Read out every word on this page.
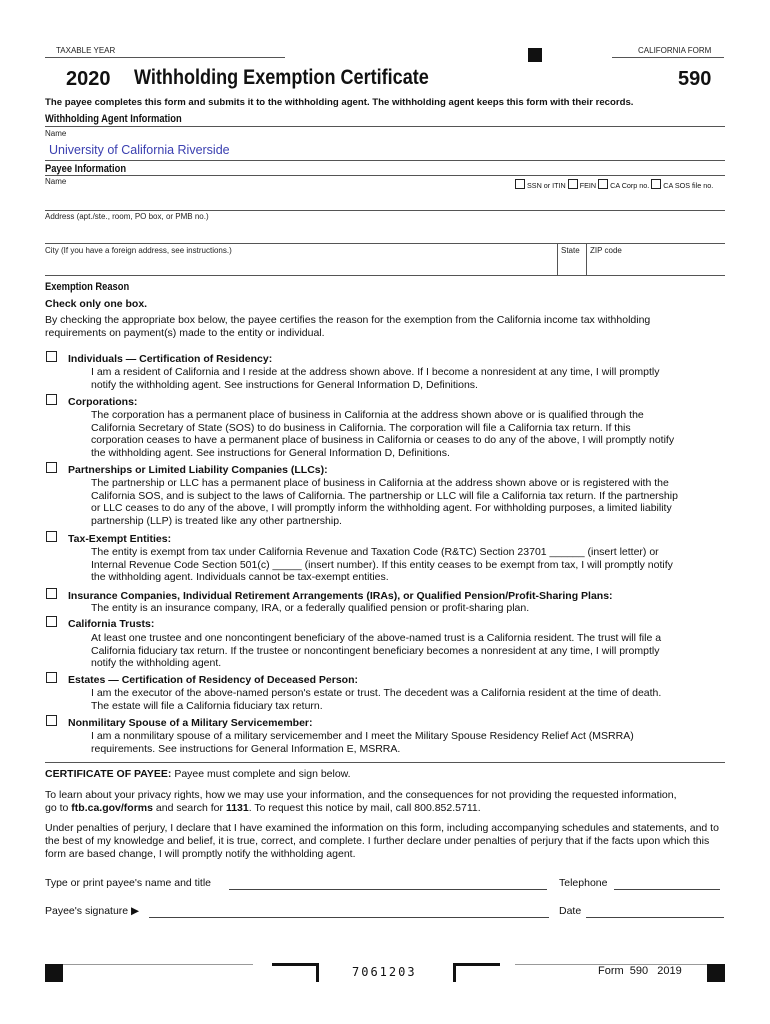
TAXABLE YEAR	CALIFORNIA FORM
2020 Withholding Exemption Certificate	590
The payee completes this form and submits it to the withholding agent. The withholding agent keeps this form with their records.
Withholding Agent Information
Name
University of California Riverside
Payee Information
Name	SSN or ITIN FEIN CA Corp no. CA SOS file no.
Address (apt./ste., room, PO box, or PMB no.)
City (If you have a foreign address, see instructions.)	State ZIP code
Exemption Reason
Check only one box.
By checking the appropriate box below, the payee certifies the reason for the exemption from the California income tax withholding requirements on payment(s) made to the entity or individual.
Individuals — Certification of Residency:
I am a resident of California and I reside at the address shown above. If I become a nonresident at any time, I will promptly
notify the withholding agent. See instructions for General Information D, Definitions.
Corporations:
The corporation has a permanent place of business in California at the address shown above or is qualified through the
California Secretary of State (SOS) to do business in California. The corporation will file a California tax return. If this
corporation ceases to have a permanent place of business in California or ceases to do any of the above, I will promptly notify
the withholding agent. See instructions for General Information D, Definitions.
Partnerships or Limited Liability Companies (LLCs):
The partnership or LLC has a permanent place of business in California at the address shown above or is registered with the
California SOS, and is subject to the laws of California. The partnership or LLC will file a California tax return. If the partnership
or LLC ceases to do any of the above, I will promptly inform the withholding agent. For withholding purposes, a limited liability
partnership (LLP) is treated like any other partnership.
Tax-Exempt Entities:
The entity is exempt from tax under California Revenue and Taxation Code (R&TC) Section 23701 ______ (insert letter) or
Internal Revenue Code Section 501(c) _____ (insert number). If this entity ceases to be exempt from tax, I will promptly notify
the withholding agent. Individuals cannot be tax-exempt entities.
Insurance Companies, Individual Retirement Arrangements (IRAs), or Qualified Pension/Profit-Sharing Plans:
The entity is an insurance company, IRA, or a federally qualified pension or profit-sharing plan.
California Trusts:
At least one trustee and one noncontingent beneficiary of the above-named trust is a California resident. The trust will file a
California fiduciary tax return. If the trustee or noncontingent beneficiary becomes a nonresident at any time, I will promptly
notify the withholding agent.
Estates — Certification of Residency of Deceased Person:
I am the executor of the above-named person's estate or trust. The decedent was a California resident at the time of death.
The estate will file a California fiduciary tax return.
Nonmilitary Spouse of a Military Servicemember:
I am a nonmilitary spouse of a military servicemember and I meet the Military Spouse Residency Relief Act (MSRRA)
requirements. See instructions for General Information E, MSRRA.
CERTIFICATE OF PAYEE: Payee must complete and sign below.
To learn about your privacy rights, how we may use your information, and the consequences for not providing the requested information,
go to ftb.ca.gov/forms and search for 1131. To request this notice by mail, call 800.852.5711.
Under penalties of perjury, I declare that I have examined the information on this form, including accompanying schedules and statements, and to the best of my knowledge and belief, it is true, correct, and complete. I further declare under penalties of perjury that if the facts upon which this form are based change, I will promptly notify the withholding agent.
Type or print payee's name and title	Telephone
Payee's signature ▶	Date
7061203	Form  590   2019
